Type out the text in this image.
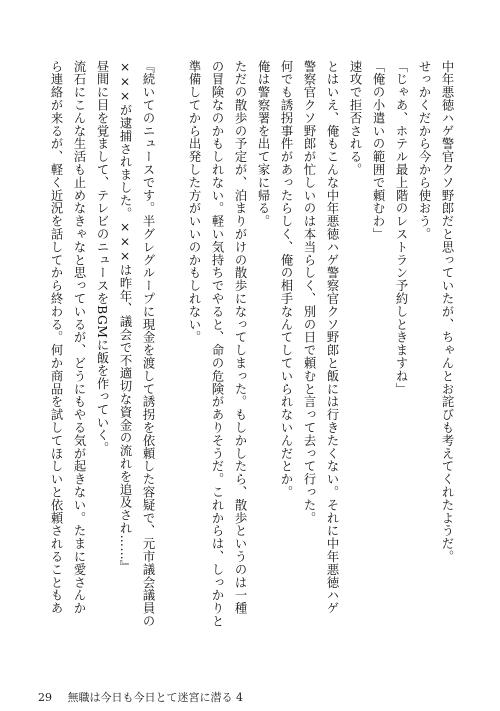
中年悪徳ハゲ警官クソ野郎だと思っていたが、ちゃんとお詫びも考えてくれたようだ。
せっかくだから今から使おう。
「じゃあ、ホテル最上階のレストラン予約しときますね」
「俺の小遣いの範囲で頼むわ」
速攻で拒否される。
とはいえ、俺もこんな中年悪徳ハゲ警察官クソ野郎と飯には行きたくない。それに中年悪徳ハゲ
警察官クソ野郎が忙しいのは本当らしく、別の日で頼むと言って去って行った。
何でも誘拐事件があったらしく、俺の相手なんてしていられないんだとか。
俺は警察署を出て家に帰る。
ただの散歩の予定が、泊まりがけの散歩になってしまった。もしかしたら、散歩というのは一種
の冒険なのかもしれない。軽い気持ちでやると、命の危険がありそうだ。これからは、しっかりと
準備してから出発した方がいいのかもしれない。
『続いてのニュースです。半グレグループに現金を渡して誘拐を依頼した容疑で、元市議会議員の
×××が逮捕されました。×××は昨年、議会で不適切な資金の流れを追及され……』
昼間に目を覚まして、テレビのニュースをBGMに飯を作っていく。
流石にこんな生活も止めなきゃなと思っているが、どうにもやる気が起きない。たまに愛さんか
ら連絡が来るが、軽く近況を話してから終わる。何か商品を試してほしいと依頼されることもあ
29 無職は今日も今日とて迷宮に潜る 4
